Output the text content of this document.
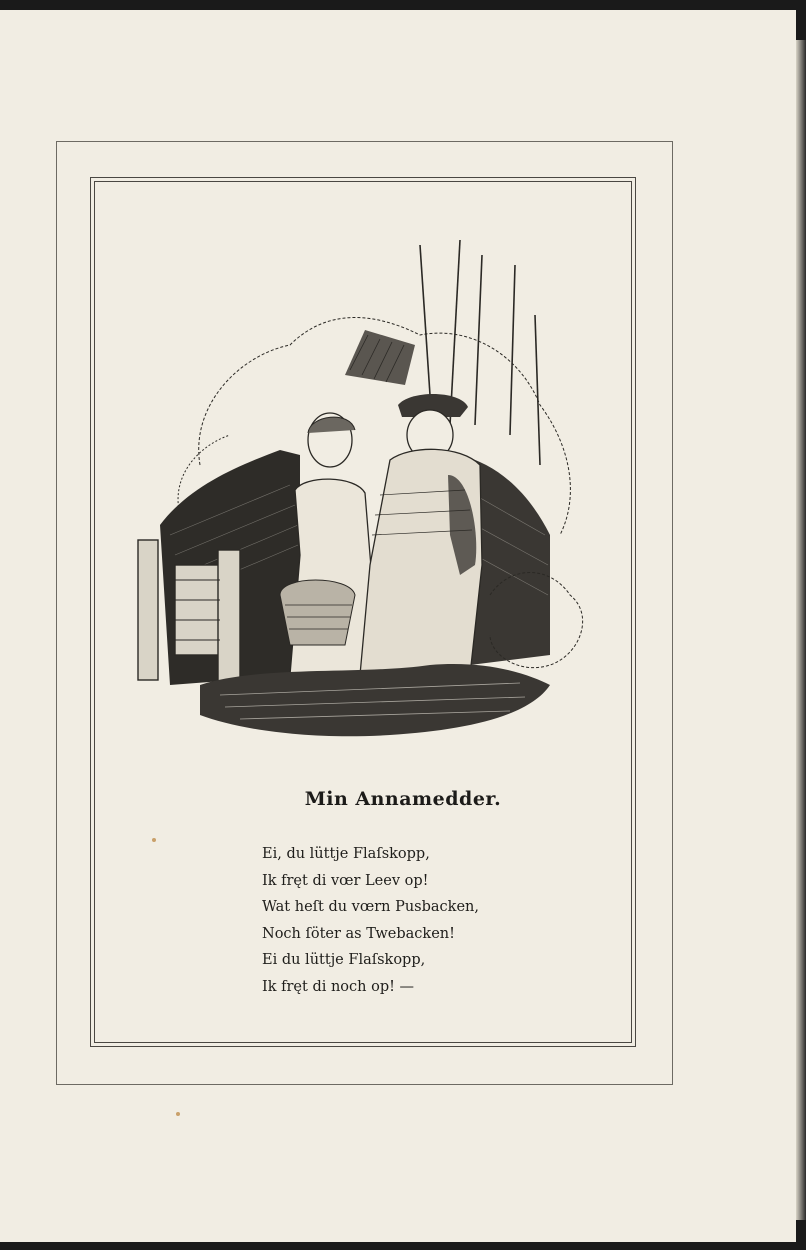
Min Annamedder.
Ei, du lüttje Flaſskopp,
Ik fręt di vœr Leev op!
Wat heſt du vœrn Pusbacken,
Noch ſöter as Twebacken!
Ei du lüttje Flaſskopp,
Ik fręt di noch op! —
